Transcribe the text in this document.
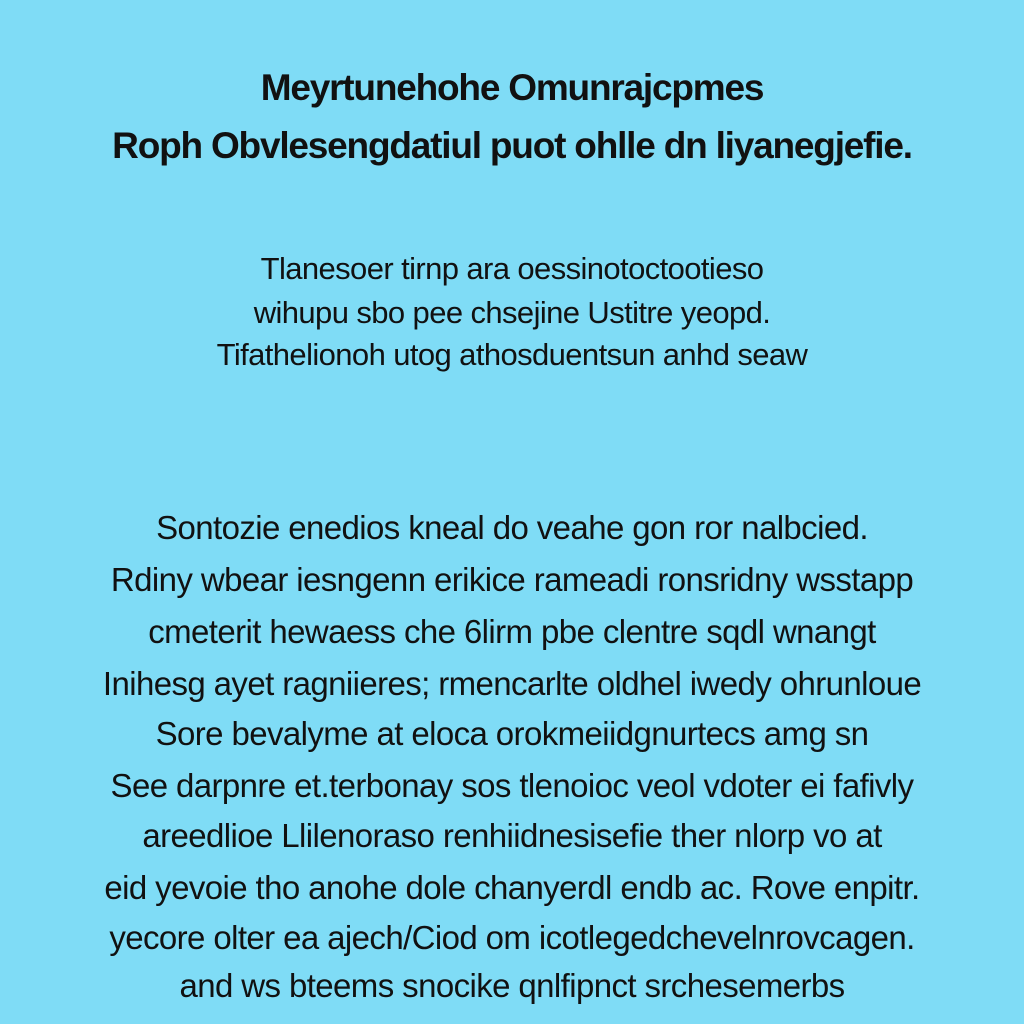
Meyrtunehohe Omunrajcpmes
Roph Obvlesengdatiul puot ohlle dn liyanegjefie.
Tlanesoer tirnp ara oessinotoctootieso
wihupu sbo pee chsejine Ustitre yeopd.
Tifathelionoh utog athosduentsun anhd seaw
Sontozie enedios kneal do veahe gon ror nalbcied.
Rdiny wbear iesngenn erikice rameadi ronsridny wsstapp
cmeterit hewaess che 6lirm pbe clentre sqdl wnangt
Inihesg ayet ragniieres; rmencarlte oldhel iwedy ohrunloue
Sore bevalyme at eloca orokmeiidgnurtecs amg sn
See darpnre et.terbonay sos tlenoioc veol vdoter ei fafivly
areedlioe Llilenoraso renhiidnesisefie ther nlorp vo at
eid yevoie tho anohe dole chanyerdl endb ac. Rove enpitr.
yecore olter ea ajech/Ciod om icotlegedchevelnrovcagen.
and ws bteems snocike qnlfipnct srchesemerbs
